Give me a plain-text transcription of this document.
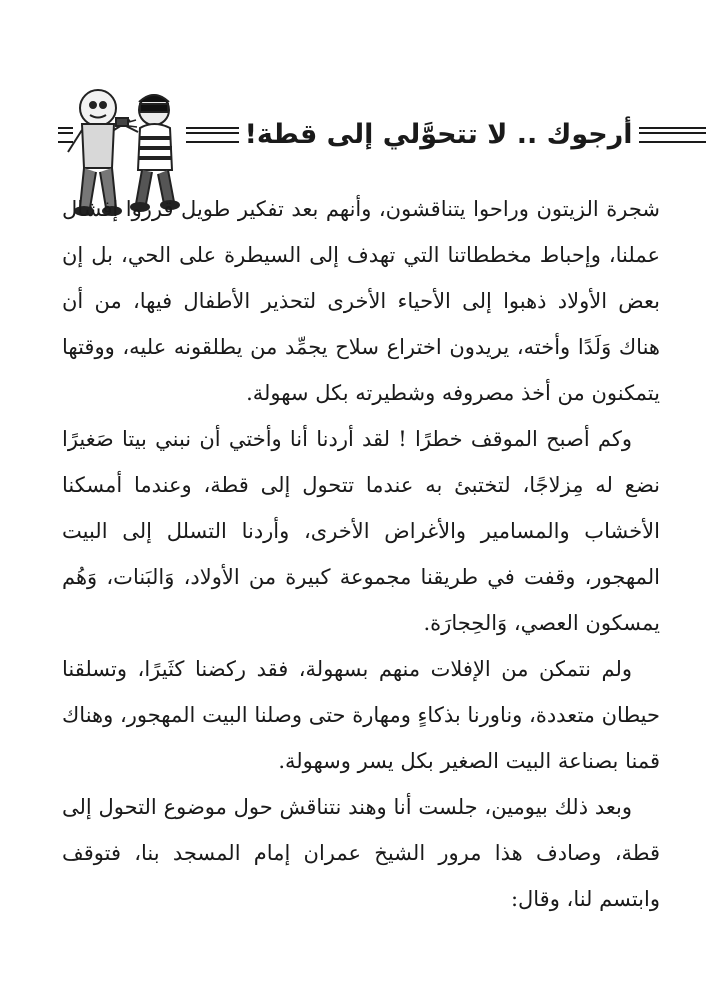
أرجوك .. لا تتحوَّلي إلى قطة!

شجرة الزيتون وراحوا يتناقشون، وأنهم بعد تفكير طويل قرروا إفشال عملنا، وإحباط مخططاتنا التي تهدف إلى السيطرة على الحي، بل إن بعض الأولاد ذهبوا إلى الأحياء الأخرى لتحذير الأطفال فيها، من أن هناك وَلَدًا وأخته، يريدون اختراع سلاح يجمِّد من يطلقونه عليه، ووقتها يتمكنون من أخذ مصروفه وشطيرته بكل سهولة.

وكم أصبح الموقف خطرًا ! لقد أردنا أنا وأختي أن نبني بيتا صَغيرًا نضع له مِزلاجًا، لتختبئ به عندما تتحول إلى قطة، وعندما أمسكنا الأخشاب والمسامير والأغراض الأخرى، وأردنا التسلل إلى البيت المهجور، وقفت في طريقنا مجموعة كبيرة من الأولاد، وَالبَنات، وَهُم يمسكون العصي، وَالحِجارَة.

ولم نتمكن من الإفلات منهم بسهولة، فقد ركضنا كثَيرًا، وتسلقنا حيطان متعددة، وناورنا بذكاءٍ ومهارة حتى وصلنا البيت المهجور، وهناك قمنا بصناعة البيت الصغير بكل يسر وسهولة.

وبعد ذلك بيومين، جلست أنا وهند نتناقش حول موضوع التحول إلى قطة، وصادف هذا مرور الشيخ عمران إمام المسجد بنا، فتوقف وابتسم لنا، وقال:
